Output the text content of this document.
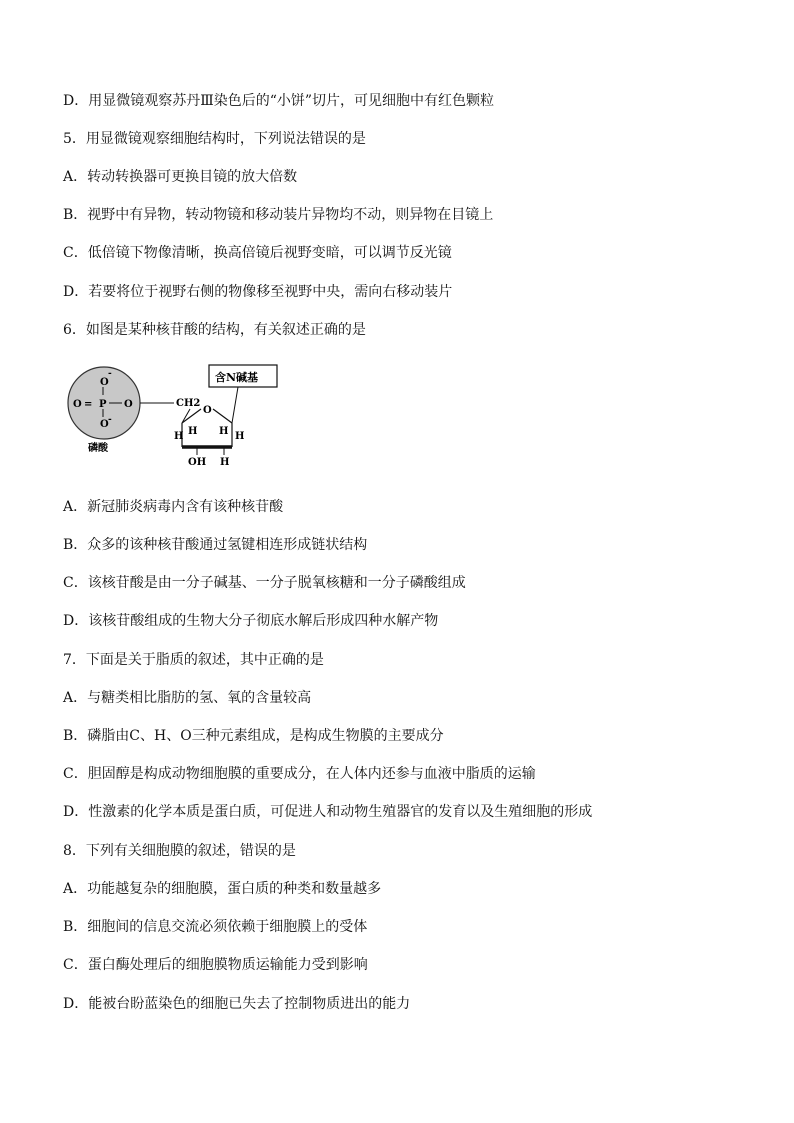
D．用显微镜观察苏丹Ⅲ染色后的“小饼”切片，可见细胞中有红色颗粒
5．用显微镜观察细胞结构时，下列说法错误的是
A．转动转换器可更换目镜的放大倍数
B．视野中有异物，转动物镜和移动装片异物均不动，则异物在目镜上
C．低倍镜下物像清晰，换高倍镜后视野变暗，可以调节反光镜
D．若要将位于视野右侧的物像移至视野中央，需向右移动装片
6．如图是某种核苷酸的结构，有关叙述正确的是
O
-
O = P O
O -
磷酸
CH2
O
H H
H	H
OH H
含N碱基
A．新冠肺炎病毒内含有该种核苷酸
B．众多的该种核苷酸通过氢键相连形成链状结构
C．该核苷酸是由一分子碱基、一分子脱氧核糖和一分子磷酸组成
D．该核苷酸组成的生物大分子彻底水解后形成四种水解产物
7．下面是关于脂质的叙述，其中正确的是
A．与糖类相比脂肪的氢、氧的含量较高
B．磷脂由C、H、O三种元素组成，是构成生物膜的主要成分
C．胆固醇是构成动物细胞膜的重要成分，在人体内还参与血液中脂质的运输
D．性激素的化学本质是蛋白质，可促进人和动物生殖器官的发育以及生殖细胞的形成
8．下列有关细胞膜的叙述，错误的是
A．功能越复杂的细胞膜，蛋白质的种类和数量越多
B．细胞间的信息交流必须依赖于细胞膜上的受体
C．蛋白酶处理后的细胞膜物质运输能力受到影响
D．能被台盼蓝染色的细胞已失去了控制物质进出的能力
